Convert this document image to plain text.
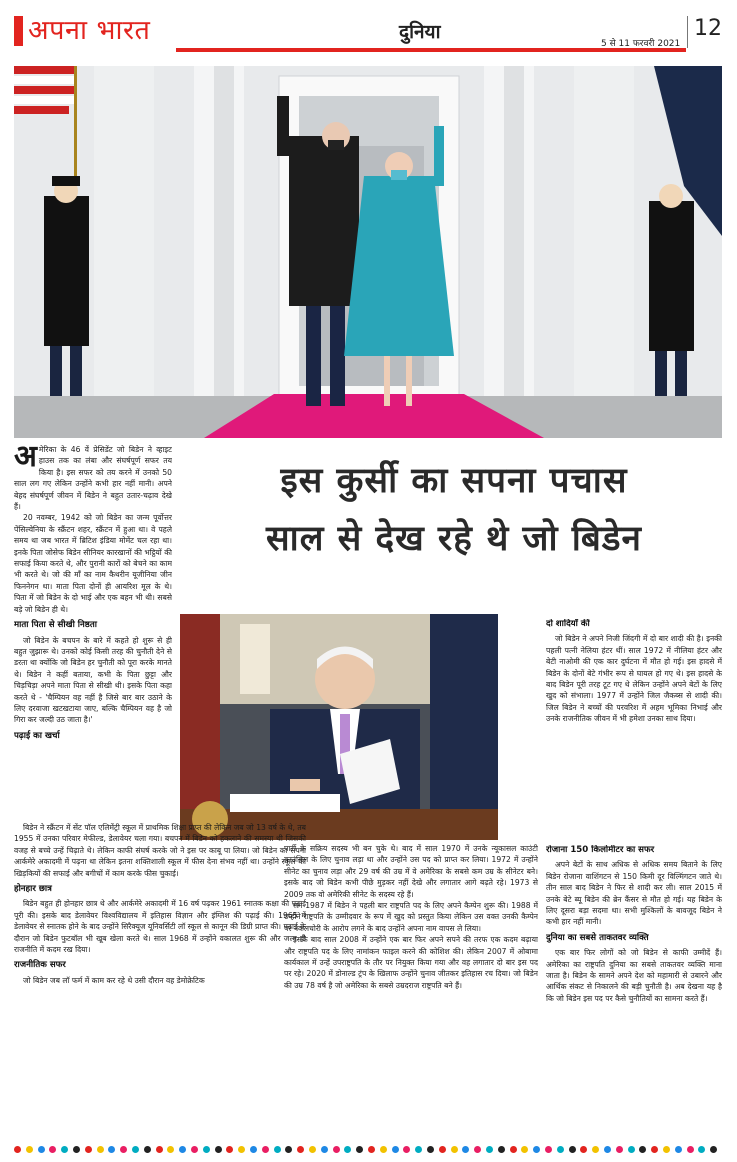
अपना भारत	दुनिया
5 से 11 फरवरी 2021
12
इस कुर्सी का सपना पचास
साल से देख रहे थे जो बिडेन
अ मेरिका के 46 वें प्रेसिडेंट जो बिडेन ने व्हाइट हाउस तक का लंबा और संघर्षपूर्ण सफर तय किया है। इस सफर को तय करने में उनको 50 साल लग गए लेकिन उन्होंने कभी हार नहीं मानी। अपने बेहद संघर्षपूर्ण जीवन में बिडेन ने बहुत उतार-चढ़ाव देखे हैं।

20 नवम्बर, 1942 को जो बिडेन का जन्म पूर्वोत्तर पेंसिल्वेनिया के स्क्रैंटन शहर, स्क्रैंटन में हुआ था। वे पहले समय था जब भारत में ब्रिटिश इंडिया मोमेंट चल रहा था। इनके पिता जोसेफ बिडेन सीनियर कारखानों की भट्ठियों की सफाई किया करते थे, और पुरानी कारों को बेचने का काम भी करते थे। जो की माँ का नाम कैथरीन यूजीनिया जीन फिननेगन था। माता पिता दोनों ही आयरिश मूल के थे। पिता में जो बिडेन के दो भाई और एक बहन भी थी। सबसे बड़े जो बिडेन ही थे।

माता पिता से सीखी निष्ठता

जो बिडेन के बचपन के बारे में कहते हो शुरू से ही बहुत जुझारू थे। उनको कोई किसी तरह की चुनौती देने से डरता था क्योंकि जो बिडेन हर चुनौती को पूरा करके मानते थे। बिडेन ने कहीं बताया, कभी के पिता छुट्टा और चिड़चिड़ा अपने माता पिता से सीखी थी। इसके पिता कहा करते थे - 'चैम्पियन वह नहीं है जिसे बार बार उठाने के लिए दरवाजा खटखटाया जाए, बल्कि चैम्पियन वह है जो गिरा कर जल्दी उठ जाता है।'

पढ़ाई का खर्चा

बिडेन ने स्क्रैंटन में सेंट पॉल एलिमेंट्री स्कूल में प्राथमिक शिक्षा प्राप्त की लेकिन जब जो 13 वर्ष के थे, तब 1955 में उनका परिवार मेफील्ड, डेलावेयर चला गया। बचपन में बिडेन को हकलाने की समस्या थी जिसकी वजह से बच्चे उन्हें चिढ़ाते थे। लेकिन काफी संघर्ष करके जो ने इस पर काबू पा लिया। जो बिडेन का सपना आर्कमेरे अकादमी में पढ़ना था लेकिन इतना शक्तिशाली स्कूल में फीस देना संभव नहीं था। उन्होंने स्कूल की खिड़कियों की सफाई और बगीचों में काम करके फीस चुकाई।

होनहार छात्र

बिडेन बहुत ही होनहार छात्र थे और आर्कमेरे अकादमी में 16 वर्ष पढ़कर 1961 स्नातक कक्षा की पढ़ाई पूरी की। इसके बाद डेलावेयर विश्वविद्यालय में इतिहास विज्ञान और इंग्लिश की पढ़ाई की। 1965 में डेलावेयर से स्नातक होने के बाद उन्होंने सिरैक्यूज यूनिवर्सिटी लॉ स्कूल से कानून की डिग्री प्राप्त की। पढ़ाई के दौरान जो बिडेन फुटबॉल भी खूब खेला करते थे। साल 1968 में उन्होंने वकालत शुरू की और जल्द ही राजनीति में कदम रख दिया।

राजनीतिक सफर

जो बिडेन जब लॉ फर्म में काम कर रहे थे उसी दौरान वह डेमोक्रेटिक

पार्टी के सक्रिय सदस्य भी बन चुके थे। बाद में साल 1970 में उनके न्यूकासल काउंटी काउंसिल के लिए चुनाव लड़ा था और उन्होंने उस पद को प्राप्त कर लिया। 1972 में उन्होंने सीनेट का चुनाव लड़ा और 29 वर्ष की उम्र में वे अमेरिका के सबसे कम उम्र के सीनेटर बने। इसके बाद जो बिडेन कभी पीछे मुड़कर नहीं देखे और लगातार आगे बढ़ते रहे। 1973 से 2009 तक वो अमेरिकी सीनेट के सदस्य रहे हैं।

सन 1987 में बिडेन ने पहली बार राष्ट्रपति पद के लिए अपने कैम्पेन शुरू की। 1988 में उन्होंने राष्ट्रपति के उम्मीदवार के रूप में खुद को प्रस्तुत किया लेकिन उस वक्त उनकी कैम्पेन पर नकलचोरी के आरोप लगने के बाद उन्होंने अपना नाम वापस ले लिया।

इसके बाद साल 2008 में उन्होंने एक बार फिर अपने सपने की तरफ एक कदम बढ़ाया और राष्ट्रपति पद के लिए नामांकन फाइल करने की कोशिश की। लेकिन 2007 में ओबामा कार्यकाल में उन्हें उपराष्ट्रपति के तौर पर नियुक्त किया गया और वह लगातार दो बार इस पद पर रहे। 2020 में डोनाल्ड ट्रंप के खिलाफ उन्होंने चुनाव जीतकर इतिहास रच दिया। जो बिडेन की उम्र 78 वर्ष है जो अमेरिका के सबसे उम्रदराज राष्ट्रपति बने हैं।

दो शादियाँ कीं

जो बिडेन ने अपने निजी जिंदगी में दो बार शादी की है। इनकी पहली पत्नी नेलिया हंटर थीं। साल 1972 में नीलिया हंटर और बेटी नाओमी की एक कार दुर्घटना में मौत हो गई। इस हादसे में बिडेन के दोनों बेटे गंभीर रूप से घायल हो गए थे। इस हादसे के बाद बिडेन पूरी तरह टूट गए थे लेकिन उन्होंने अपने बेटों के लिए खुद को संभाला। 1977 में उन्होंने जिल जैकब्स से शादी की। जिल बिडेन ने बच्चों की परवरिश में अहम भूमिका निभाई और उनके राजनीतिक जीवन में भी हमेशा उनका साथ दिया।

रोजाना 150 किलोमीटर का सफर

अपने बेटों के साथ अधिक से अधिक समय बिताने के लिए बिडेन रोजाना वाशिंगटन से 150 किमी दूर विल्मिंगटन जाते थे। तीन साल बाद बिडेन ने फिर से शादी कर ली। साल 2015 में उनके बेटे ब्यू बिडेन की ब्रेन कैंसर से मौत हो गई। यह बिडेन के लिए दूसरा बड़ा सदमा था। सभी मुश्किलों के बावजूद बिडेन ने कभी हार नहीं मानी।

दुनिया का सबसे ताकतवर व्यक्ति

एक बार फिर लोगों को जो बिडेन से काफी उम्मीदें हैं। अमेरिका का राष्ट्रपति दुनिया का सबसे ताकतवर व्यक्ति माना जाता है। बिडेन के सामने अपने देश को महामारी से उबारने और आर्थिक संकट से निकालने की बड़ी चुनौती है। अब देखना यह है कि जो बिडेन इस पद पर कैसे चुनौतियों का सामना करते हैं।
